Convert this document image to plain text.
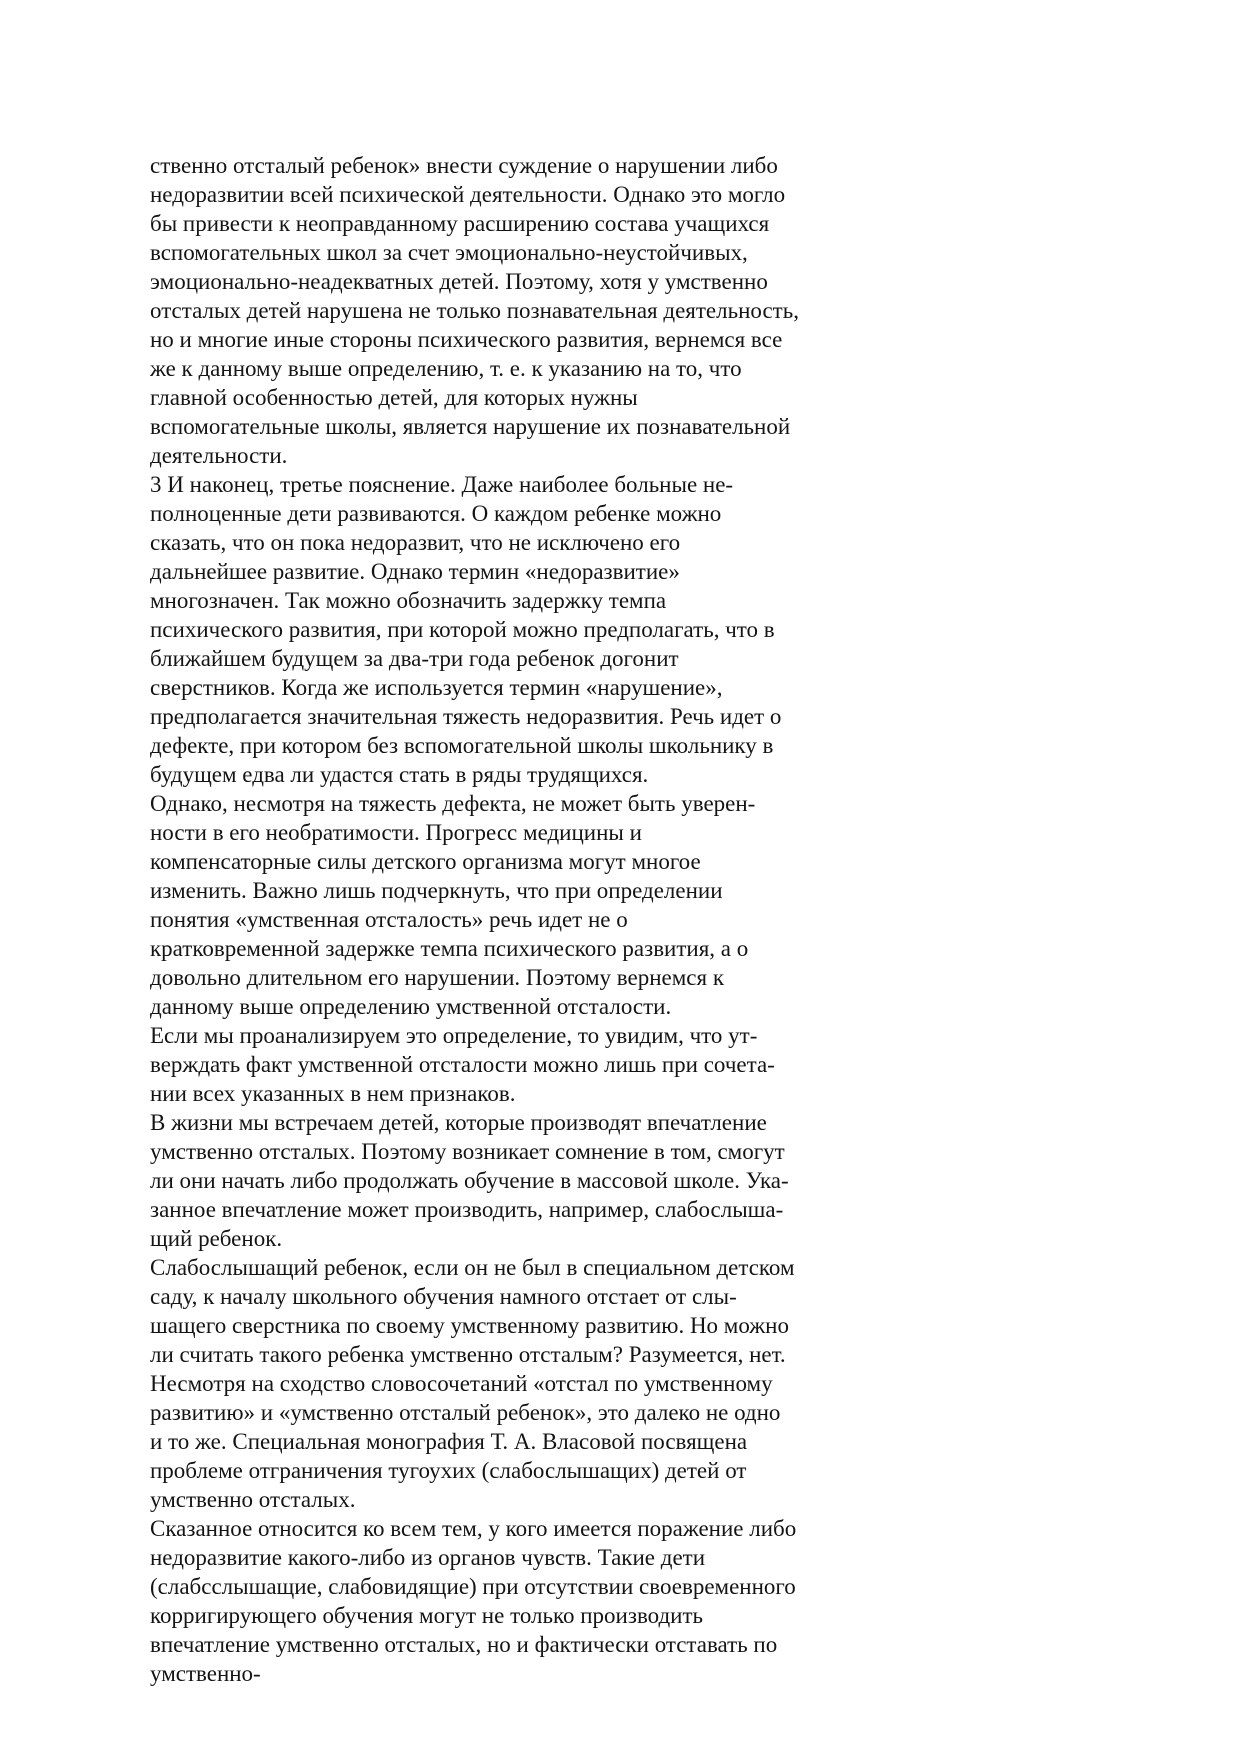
ственно отсталый ребенок» внести суждение о нарушении либо
недоразвитии всей психической деятельности. Однако это могло
бы привести к неоправданному расширению состава учащихся
вспомогательных школ за счет эмоционально-неустойчивых,
эмоционально-неадекватных детей. Поэтому, хотя у умственно
отсталых детей нарушена не только познавательная деятельность,
но и многие иные стороны психического развития, вернемся все
же к данному выше определению, т. е. к указанию на то, что
главной особенностью детей, для которых нужны
вспомогательные школы, является нарушение их познавательной
деятельности.
3 И наконец, третье пояснение. Даже наиболее больные не-
полноценные дети развиваются. О каждом ребенке можно
сказать, что он пока недоразвит, что не исключено его
дальнейшее развитие. Однако термин «недоразвитие»
многозначен. Так можно обозначить задержку темпа
психического развития, при которой можно предполагать, что в
ближайшем будущем за два-три года ребенок догонит
сверстников. Когда же используется термин «нарушение»,
предполагается значительная тяжесть недоразвития. Речь идет о
дефекте, при котором без вспомогательной школы школьнику в
будущем едва ли удастся стать в ряды трудящихся.
Однако, несмотря на тяжесть дефекта, не может быть уверен-
ности в его необратимости. Прогресс медицины и
компенсаторные силы детского организма могут многое
изменить. Важно лишь подчеркнуть, что при определении
понятия «умственная отсталость» речь идет не о
кратковременной задержке темпа психического развития, а о
довольно длительном его нарушении. Поэтому вернемся к
данному выше определению умственной отсталости.
Если мы проанализируем это определение, то увидим, что ут-
верждать факт умственной отсталости можно лишь при сочета-
нии всех указанных в нем признаков.
В жизни мы встречаем детей, которые производят впечатление
умственно отсталых. Поэтому возникает сомнение в том, смогут
ли они начать либо продолжать обучение в массовой школе. Ука-
занное впечатление может производить, например, слабослыша-
щий ребенок.
Слабослышащий ребенок, если он не был в специальном детском
саду, к началу школьного обучения намного отстает от слы-
шащего сверстника по своему умственному развитию. Но можно
ли считать такого ребенка умственно отсталым? Разумеется, нет.
Несмотря на сходство словосочетаний «отстал по умственному
развитию» и «умственно отсталый ребенок», это далеко не одно
и то же. Специальная монография Т. А. Власовой посвящена
проблеме отграничения тугоухих (слабослышащих) детей от
умственно отсталых.
Сказанное относится ко всем тем, у кого имеется поражение либо
недоразвитие какого-либо из органов чувств. Такие дети
(слабсслышащие, слабовидящие) при отсутствии своевременного
корригирующего обучения могут не только производить
впечатление умственно отсталых, но и фактически отставать по
умственно-
